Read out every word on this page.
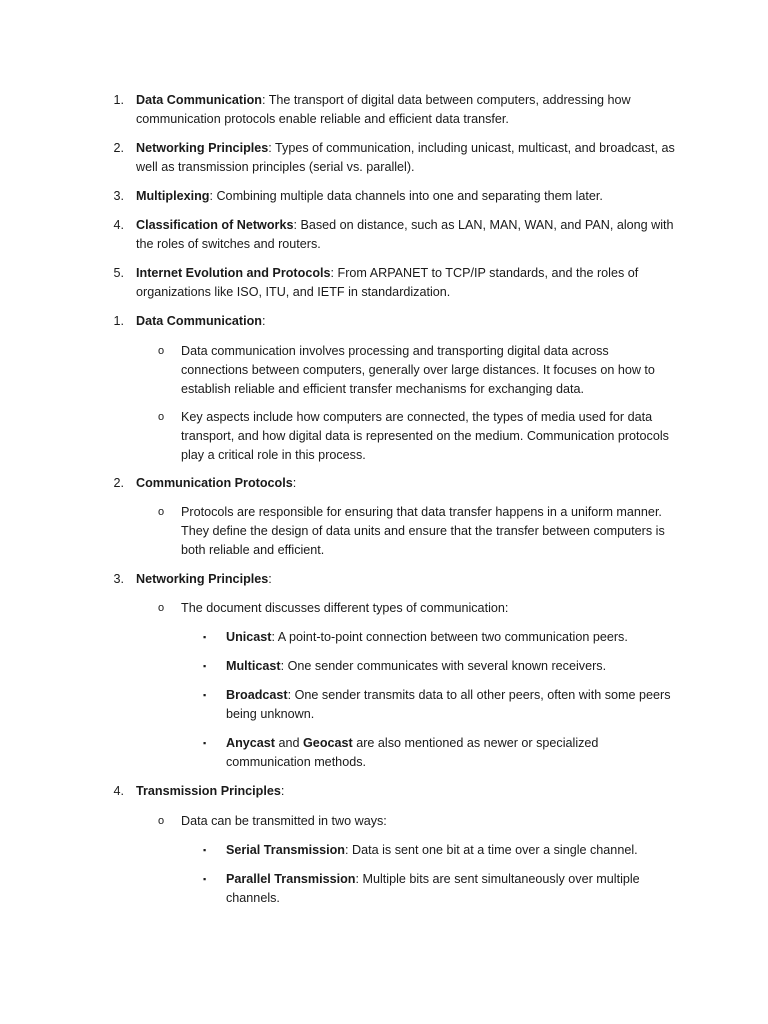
1. Data Communication: The transport of digital data between computers, addressing how communication protocols enable reliable and efficient data transfer.
2. Networking Principles: Types of communication, including unicast, multicast, and broadcast, as well as transmission principles (serial vs. parallel).
3. Multiplexing: Combining multiple data channels into one and separating them later.
4. Classification of Networks: Based on distance, such as LAN, MAN, WAN, and PAN, along with the roles of switches and routers.
5. Internet Evolution and Protocols: From ARPANET to TCP/IP standards, and the roles of organizations like ISO, ITU, and IETF in standardization.
1. Data Communication:
o Data communication involves processing and transporting digital data across connections between computers, generally over large distances. It focuses on how to establish reliable and efficient transfer mechanisms for exchanging data.
o Key aspects include how computers are connected, the types of media used for data transport, and how digital data is represented on the medium. Communication protocols play a critical role in this process.
2. Communication Protocols:
o Protocols are responsible for ensuring that data transfer happens in a uniform manner. They define the design of data units and ensure that the transfer between computers is both reliable and efficient.
3. Networking Principles:
o The document discusses different types of communication:
▪ Unicast: A point-to-point connection between two communication peers.
▪ Multicast: One sender communicates with several known receivers.
▪ Broadcast: One sender transmits data to all other peers, often with some peers being unknown.
▪ Anycast and Geocast are also mentioned as newer or specialized communication methods.
4. Transmission Principles:
o Data can be transmitted in two ways:
▪ Serial Transmission: Data is sent one bit at a time over a single channel.
▪ Parallel Transmission: Multiple bits are sent simultaneously over multiple channels.
